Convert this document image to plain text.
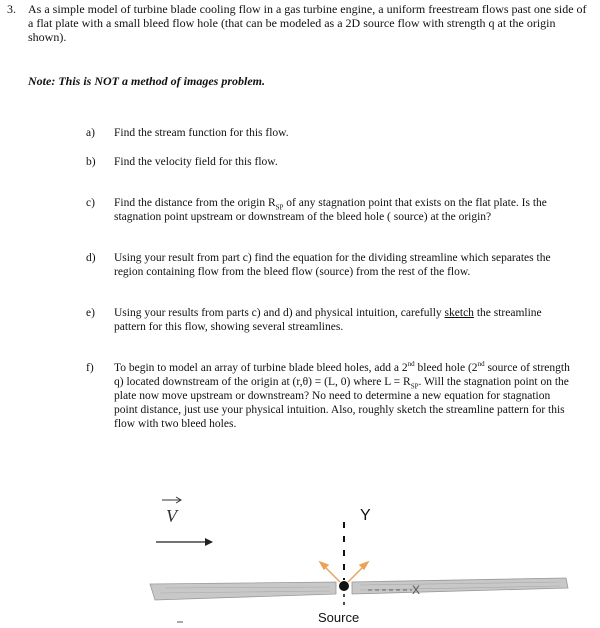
3. As a simple model of turbine blade cooling flow in a gas turbine engine, a uniform freestream flows past one side of a flat plate with a small bleed flow hole (that can be modeled as a 2D source flow with strength q at the origin shown).
Note: This is NOT a method of images problem.
a)	Find the stream function for this flow.
b)	Find the velocity field for this flow.
c)	Find the distance from the origin $R_{SP}$ of any stagnation point that exists on the flat plate. Is the stagnation point upstream or downstream of the bleed hole ( source) at the origin?
d)	Using your result from part c) find the equation for the dividing streamline which separates the region containing flow from the bleed flow (source) from the rest of the flow.
e)	Using your results from parts c) and d) and physical intuition, carefully sketch the streamline pattern for this flow, showing several streamlines.
f)	To begin to model an array of turbine blade bleed holes, add a 2nd bleed hole (2nd source of strength q) located downstream of the origin at (r,θ) = (L, 0) where $L = R_{SP}$. Will the stagnation point on the plate now move upstream or downstream? No need to determine a new equation for stagnation point distance, just use your physical intuition. Also, roughly sketch the streamline pattern for this flow with two bleed holes.
V	Y
X
Source
